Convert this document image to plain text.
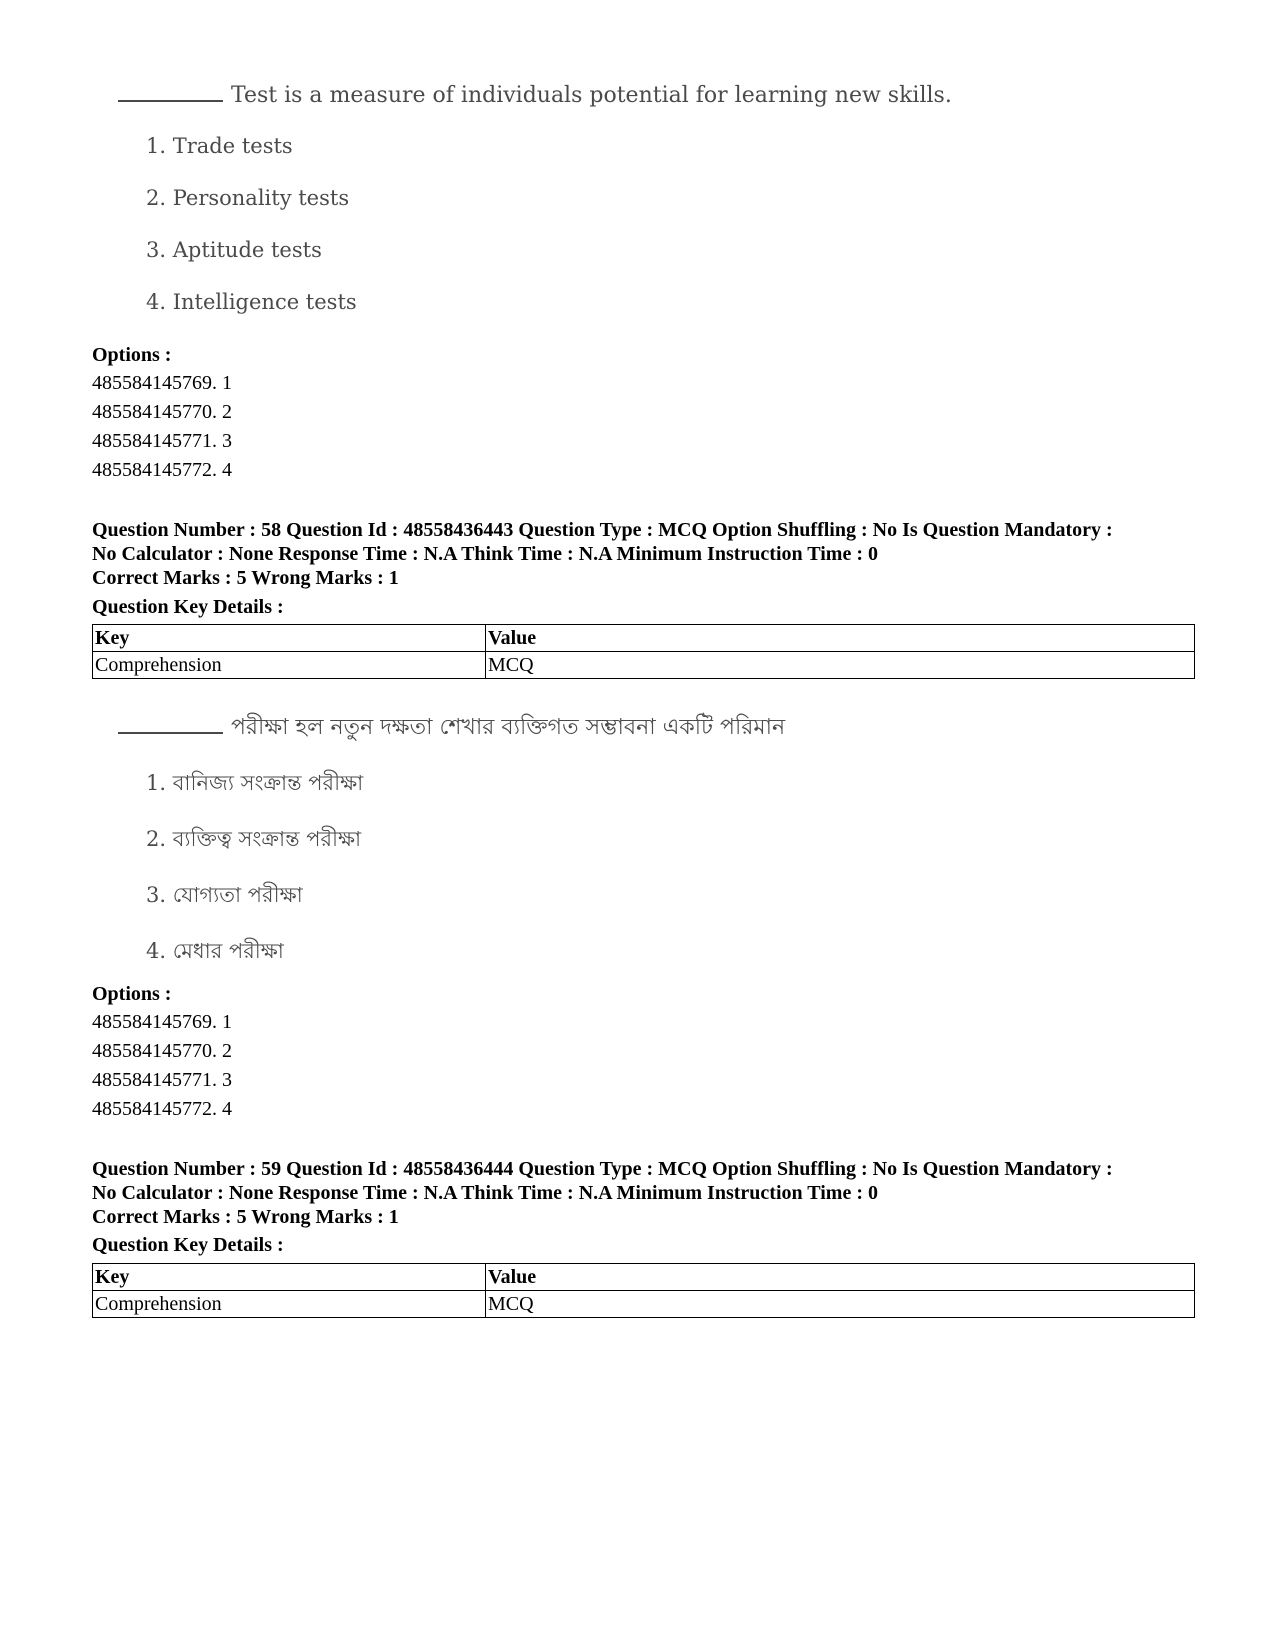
Test is a measure of individuals potential for learning new skills.
1. Trade tests
2. Personality tests
3. Aptitude tests
4. Intelligence tests
Options :
485584145769. 1
485584145770. 2
485584145771. 3
485584145772. 4
Question Number : 58 Question Id : 48558436443 Question Type : MCQ Option Shuffling : No Is Question Mandatory :
No Calculator : None Response Time : N.A Think Time : N.A Minimum Instruction Time : 0
Correct Marks : 5 Wrong Marks : 1
Question Key Details :
Key	Value
Comprehension	MCQ
পরীক্ষা হল নতুন দক্ষতা শেখার ব্যক্তিগত সম্ভাবনা একটি পরিমান
1. বানিজ্য সংক্রান্ত পরীক্ষা
2. ব্যক্তিত্ব সংক্রান্ত পরীক্ষা
3. যোগ্যতা পরীক্ষা
4. মেধার পরীক্ষা
Options :
485584145769. 1
485584145770. 2
485584145771. 3
485584145772. 4
Question Number : 59 Question Id : 48558436444 Question Type : MCQ Option Shuffling : No Is Question Mandatory :
No Calculator : None Response Time : N.A Think Time : N.A Minimum Instruction Time : 0
Correct Marks : 5 Wrong Marks : 1
Question Key Details :
Key	Value
Comprehension	MCQ
